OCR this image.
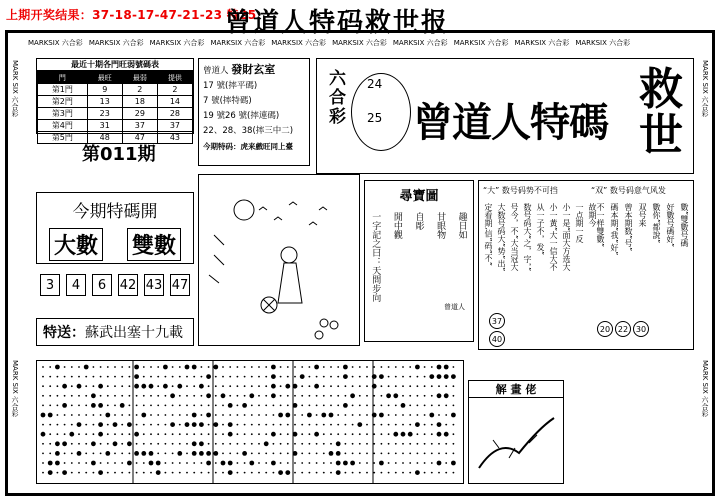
上期开奖结果：37-18-17-47-21-23 特25
曾道人特码救世报
MARKSIX 六合彩 MARKSIX 六合彩 MARKSIX 六合彩 MARKSIX 六合彩 MARKSIX 六合彩 MARKSIX 六合彩 MARKSIX 六合彩 MARKSIX 六合彩 MARKSIX 六合彩 MARKSIX 六合彩
MARK SIX 六合彩
MARK SIX 六合彩
MARK SIX 六合彩
MARK SIX 六合彩
最近十期各門旺弱號碼表
門	最旺	最弱	提供
第1門	9	2	2
第2門	13	18	14
第3門	23	29	28
第4門	31	37	37
第5門	48	47	43
曾道人 發財玄室
17 號(摔平碼)
7 號(摔特碼)
19 號26 號(摔連碼)
22、28、38(摔三中二)
今期特码：虎来戲旺同上臺
六合彩 24
25 曾道人特碼
救
世
第011期
今期特碼開
大數 雙數
3	4	6	42 43 47
特送： 蘇武出塞十九載
尋寶圖
一字記之曰：天問步向 閒中觀 自彫 甘眼物 趣日如
曾道人
“大” 数号码势不可挡	“双” 数号码意气风发
故期今
一点期一反
小一是“面大方选大
小一黃”大一信大不
从一子不，发”
数号码大“之，字，”
号今，不”大当冠大
大数号码大”势”出”
定看期,信”码”不”	數”雙數号碼
好數号碼好”
數你”都說”
双号来
曾本期数”号”
碼本期”我”好”
不一样雙數”
37
40
20 22 30
解 畫 佬
